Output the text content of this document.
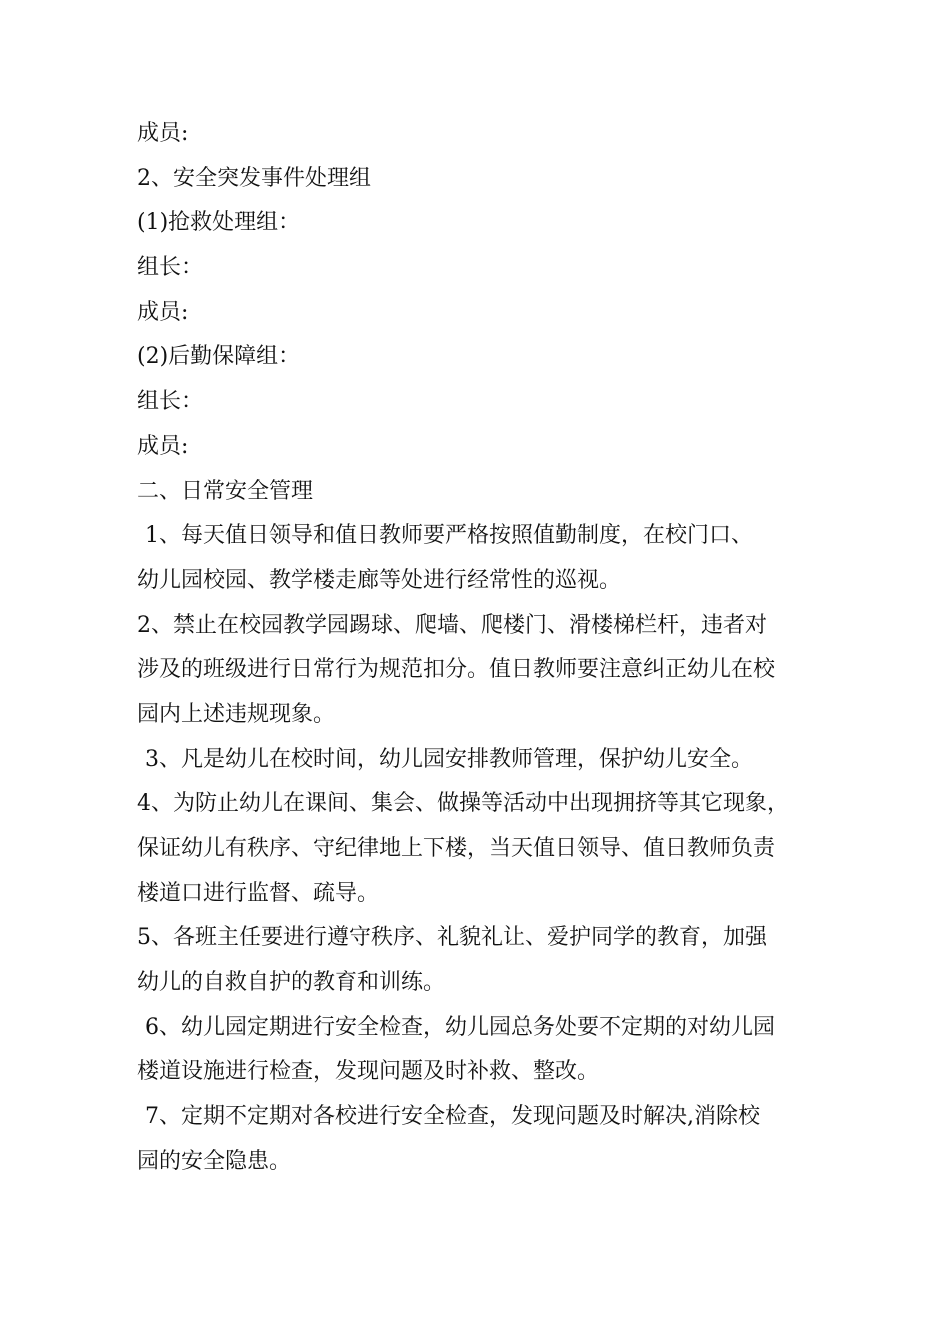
成员:
2、安全突发事件处理组
(1)抢救处理组：
组长：
成员:
(2)后勤保障组：
组长：
成员:
二、日常安全管理
1、每天值日领导和值日教师要严格按照值勤制度，在校门口、
幼儿园校园、教学楼走廊等处进行经常性的巡视。
2、禁止在校园教学园踢球、爬墙、爬楼门、滑楼梯栏杆，违者对
涉及的班级进行日常行为规范扣分。值日教师要注意纠正幼儿在校
园内上述违规现象。
3、凡是幼儿在校时间，幼儿园安排教师管理，保护幼儿安全。
4、为防止幼儿在课间、集会、做操等活动中出现拥挤等其它现象，
保证幼儿有秩序、守纪律地上下楼，当天值日领导、值日教师负责
楼道口进行监督、疏导。
5、各班主任要进行遵守秩序、礼貌礼让、爱护同学的教育，加强
幼儿的自救自护的教育和训练。
6、幼儿园定期进行安全检查，幼儿园总务处要不定期的对幼儿园
楼道设施进行检查，发现问题及时补救、整改。
7、定期不定期对各校进行安全检查，发现问题及时解决,消除校
园的安全隐患。
